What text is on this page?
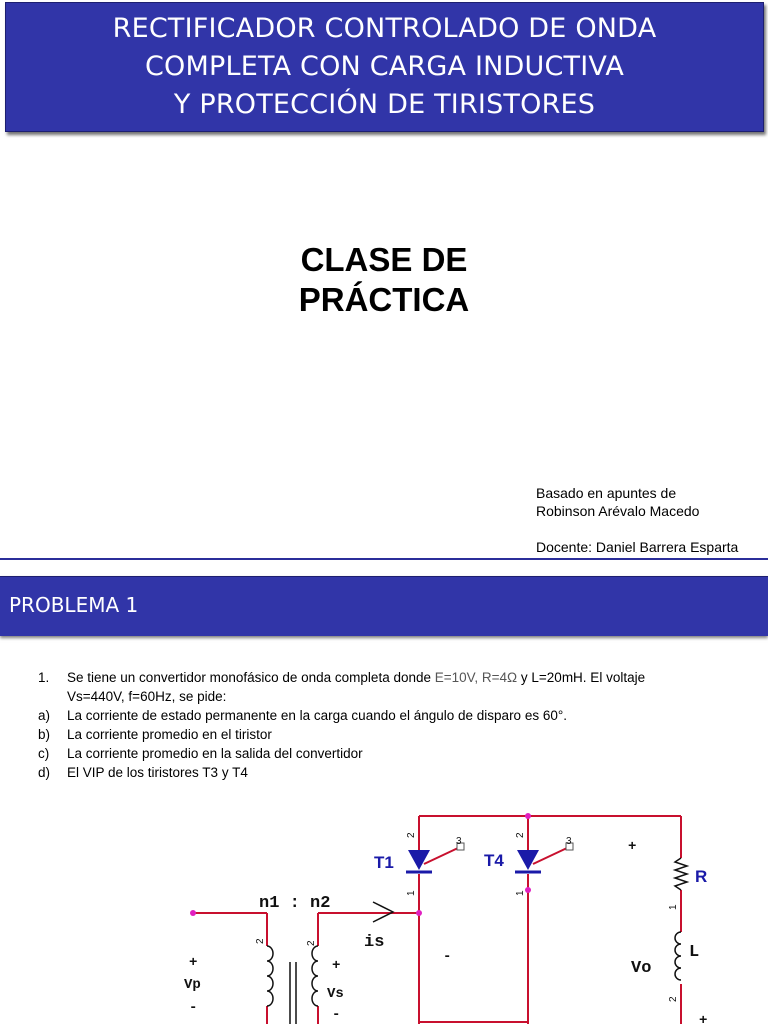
RECTIFICADOR CONTROLADO DE ONDA
COMPLETA CON CARGA INDUCTIVA
Y PROTECCIÓN DE TIRISTORES
CLASE DE
PRÁCTICA
Basado en apuntes de
Robinson Arévalo Macedo
Docente: Daniel Barrera Esparta
PROBLEMA 1
1.	Se tiene un convertidor monofásico de onda completa donde E=10V, R=4Ω y L=20mH. El voltaje
Vs=440V, f=60Hz, se pide:
a)	La corriente de estado permanente en la carga cuando el ángulo de disparo es 60°.
b)	La corriente promedio en el tiristor
c)	La corriente promedio en la salida del convertidor
d)	El VIP de los tiristores T3 y T4
T1	T4
R
n1 : n2
is
Vo
L
Vp
Vs
+
-
+
-
+
+
-
2
1
2
1
3	3
1
2
2	2
